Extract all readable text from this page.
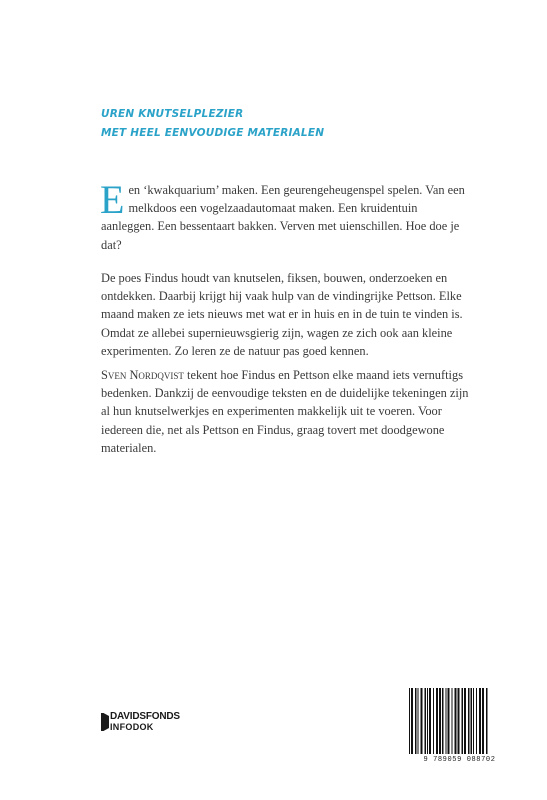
UREN KNUTSELPLEZIER
MET HEEL EENVOUDIGE MATERIALEN

Een ‘kwakquarium’ maken. Een geurengeheugenspel spelen. Van een melkdoos een vogelzaadautomaat maken. Een kruidentuin aanleggen. Een bessentaart bakken. Verven met uienschillen. Hoe doe je dat?

De poes Findus houdt van knutselen, fiksen, bouwen, onderzoeken en ontdekken. Daarbij krijgt hij vaak hulp van de vindingrijke Pettson. Elke maand maken ze iets nieuws met wat er in huis en in de tuin te vinden is. Omdat ze allebei supernieuwsgierig zijn, wagen ze zich ook aan kleine experimenten. Zo leren ze de natuur pas goed kennen.

Sven Nordqvist tekent hoe Findus en Pettson elke maand iets vernuftigs bedenken. Dankzij de eenvoudige teksten en de duidelijke tekeningen zijn al hun knutselwerkjes en experimenten makkelijk uit te voeren. Voor iedereen die, net als Pettson en Findus, graag tovert met doodgewone materialen.

DAVIDSFONDS
INFODOK
9 789059 088702
